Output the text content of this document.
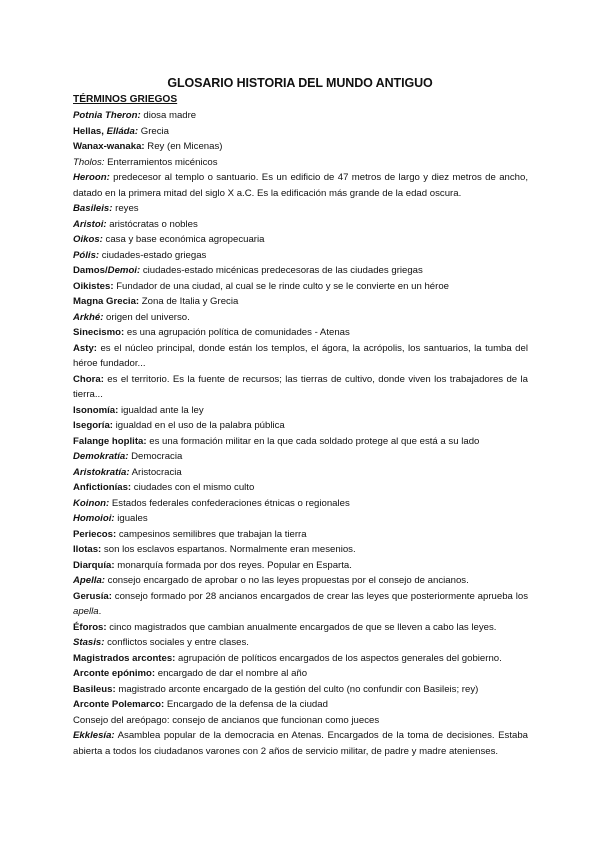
GLOSARIO HISTORIA DEL MUNDO ANTIGUO
TÉRMINOS GRIEGOS

Potnia Theron: diosa madre

Hellas, Elláda: Grecia

Wanax-wanaka: Rey (en Micenas)

Tholos: Enterramientos micénicos

Heroon: predecesor al templo o santuario. Es un edificio de 47 metros de largo y diez metros de ancho, datado en la primera mitad del siglo X a.C. Es la edificación más grande de la edad oscura.

Basileis: reyes

Aristoi: aristócratas o nobles

Oikos: casa y base económica agropecuaria

Pólis: ciudades-estado griegas

Damos/Demoi: ciudades-estado micénicas predecesoras de las ciudades griegas

Oikistes: Fundador de una ciudad, al cual se le rinde culto y se le convierte en un héroe

Magna Grecia: Zona de Italia y Grecia

Arkhé: origen del universo.

Sinecismo: es una agrupación política de comunidades - Atenas

Asty: es el núcleo principal, donde están los templos, el ágora, la acrópolis, los santuarios, la tumba del héroe fundador...

Chora: es el territorio. Es la fuente de recursos; las tierras de cultivo, donde viven los trabajadores de la tierra...

Isonomía: igualdad ante la ley

Isegoría: igualdad en el uso de la palabra pública

Falange hoplita: es una formación militar en la que cada soldado protege al que está a su lado

Demokratía: Democracia

Aristokratía: Aristocracia

Anfictionías: ciudades con el mismo culto

Koinon: Estados federales confederaciones étnicas o regionales

Homoioi: iguales

Periecos: campesinos semilibres que trabajan la tierra

Ilotas: son los esclavos espartanos. Normalmente eran mesenios.

Diarquía: monarquía formada por dos reyes. Popular en Esparta.

Apella: consejo encargado de aprobar o no las leyes propuestas por el consejo de ancianos.

Gerusía: consejo formado por 28 ancianos encargados de crear las leyes que posteriormente aprueba los apella.

Éforos: cinco magistrados que cambian anualmente encargados de que se lleven a cabo las leyes.

Stasis: conflictos sociales y entre clases.

Magistrados arcontes: agrupación de políticos encargados de los aspectos generales del gobierno.

Arconte epónimo: encargado de dar el nombre al año

Basileus: magistrado arconte encargado de la gestión del culto (no confundir con Basileis; rey)

Arconte Polemarco: Encargado de la defensa de la ciudad

Consejo del areópago: consejo de ancianos que funcionan como jueces

Ekklesía: Asamblea popular de la democracia en Atenas. Encargados de la toma de decisiones. Estaba abierta a todos los ciudadanos varones con 2 años de servicio militar, de padre y madre atenienses.
